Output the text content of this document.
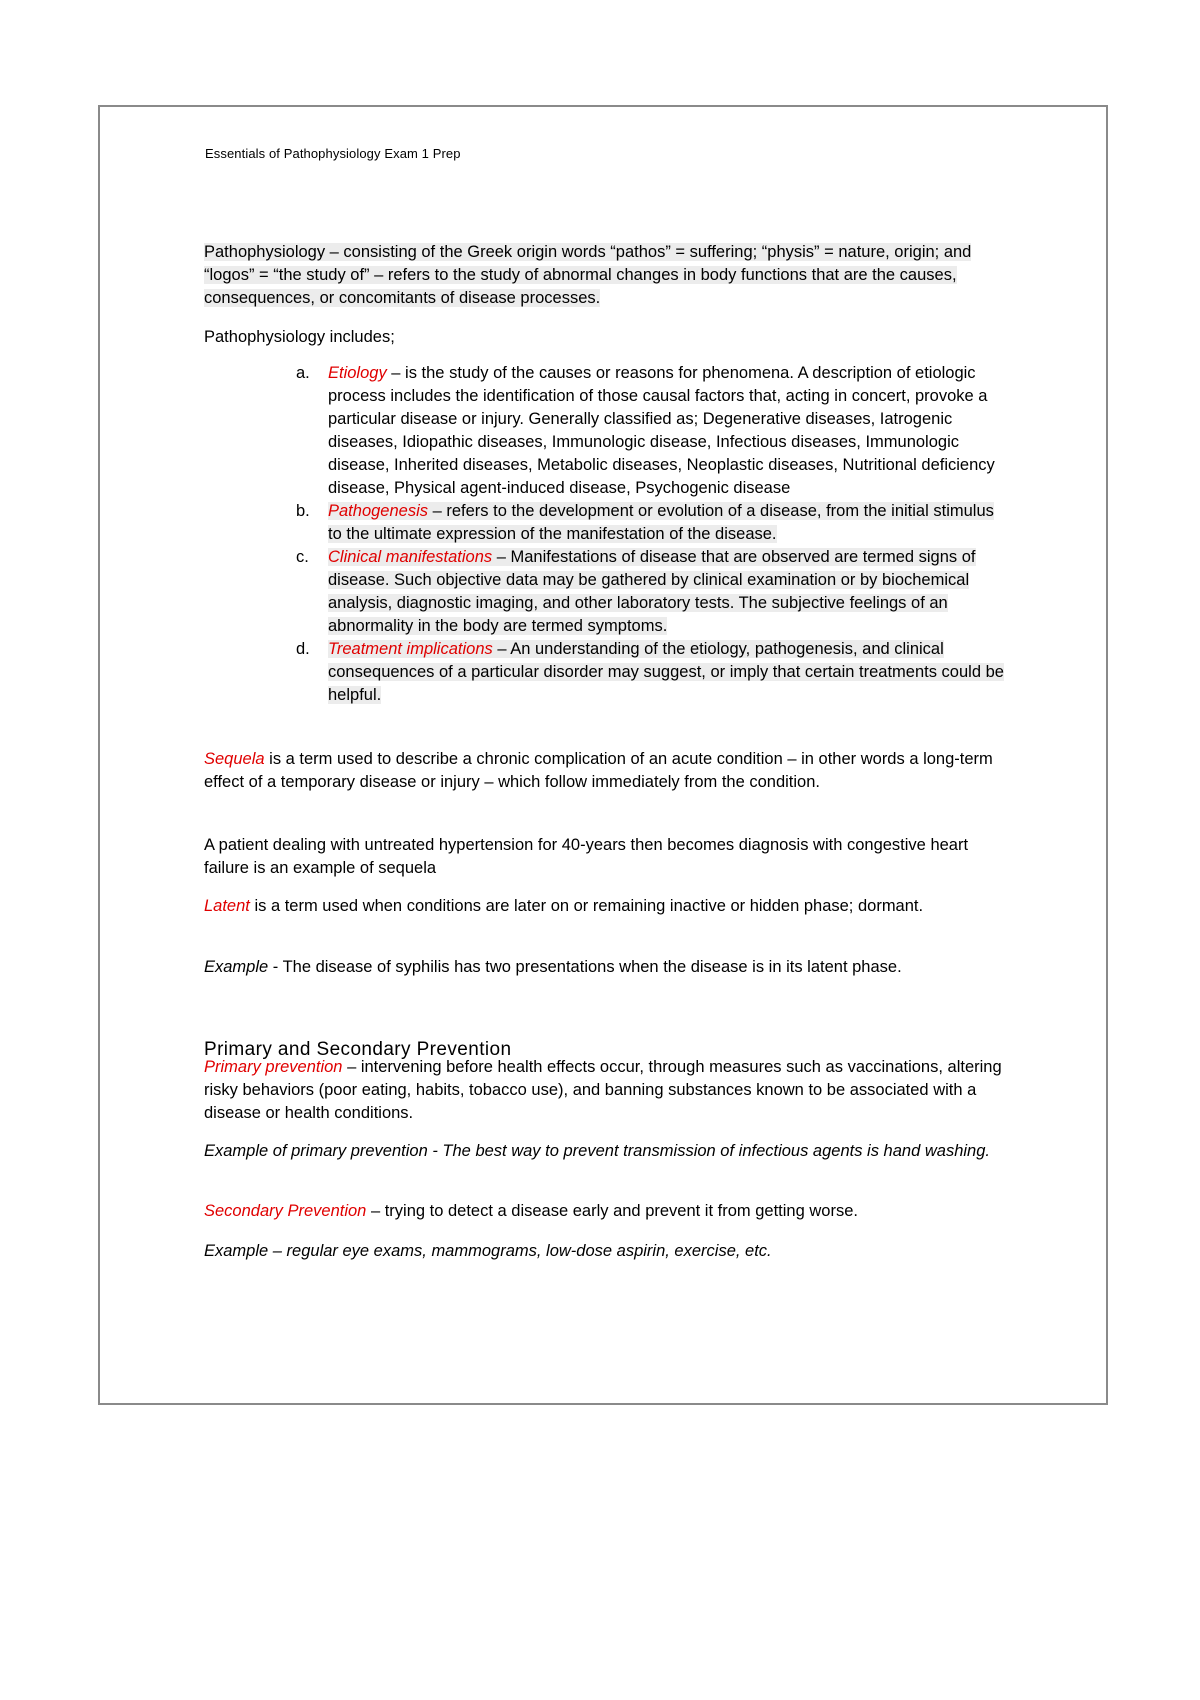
Essentials of Pathophysiology Exam 1 Prep

Pathophysiology – consisting of the Greek origin words “pathos” = suffering; “physis” = nature, origin; and “logos” = “the study of” – refers to the study of abnormal changes in body functions that are the causes, consequences, or concomitants of disease processes.

Pathophysiology includes;

a.	Etiology – is the study of the causes or reasons for phenomena. A description of etiologic process includes the identification of those causal factors that, acting in concert, provoke a particular disease or injury. Generally classified as; Degenerative diseases, Iatrogenic diseases, Idiopathic diseases, Immunologic disease, Infectious diseases, Immunologic disease, Inherited diseases, Metabolic diseases, Neoplastic diseases, Nutritional deficiency disease, Physical agent-induced disease, Psychogenic disease
b.	Pathogenesis – refers to the development or evolution of a disease, from the initial stimulus to the ultimate expression of the manifestation of the disease.
c.	Clinical manifestations – Manifestations of disease that are observed are termed signs of disease. Such objective data may be gathered by clinical examination or by biochemical analysis, diagnostic imaging, and other laboratory tests. The subjective feelings of an abnormality in the body are termed symptoms.
d.	Treatment implications – An understanding of the etiology, pathogenesis, and clinical consequences of a particular disorder may suggest, or imply that certain treatments could be helpful.

Sequela is a term used to describe a chronic complication of an acute condition – in other words a long-term effect of a temporary disease or injury – which follow immediately from the condition.

A patient dealing with untreated hypertension for 40-years then becomes diagnosis with congestive heart failure is an example of sequela

Latent is a term used when conditions are later on or remaining inactive or hidden phase; dormant.

Example - The disease of syphilis has two presentations when the disease is in its latent phase.

Primary and Secondary Prevention

Primary prevention – intervening before health effects occur, through measures such as vaccinations, altering risky behaviors (poor eating, habits, tobacco use), and banning substances known to be associated with a disease or health conditions.

Example of primary prevention - The best way to prevent transmission of infectious agents is hand washing.

Secondary Prevention – trying to detect a disease early and prevent it from getting worse.

Example – regular eye exams, mammograms, low-dose aspirin, exercise, etc.
